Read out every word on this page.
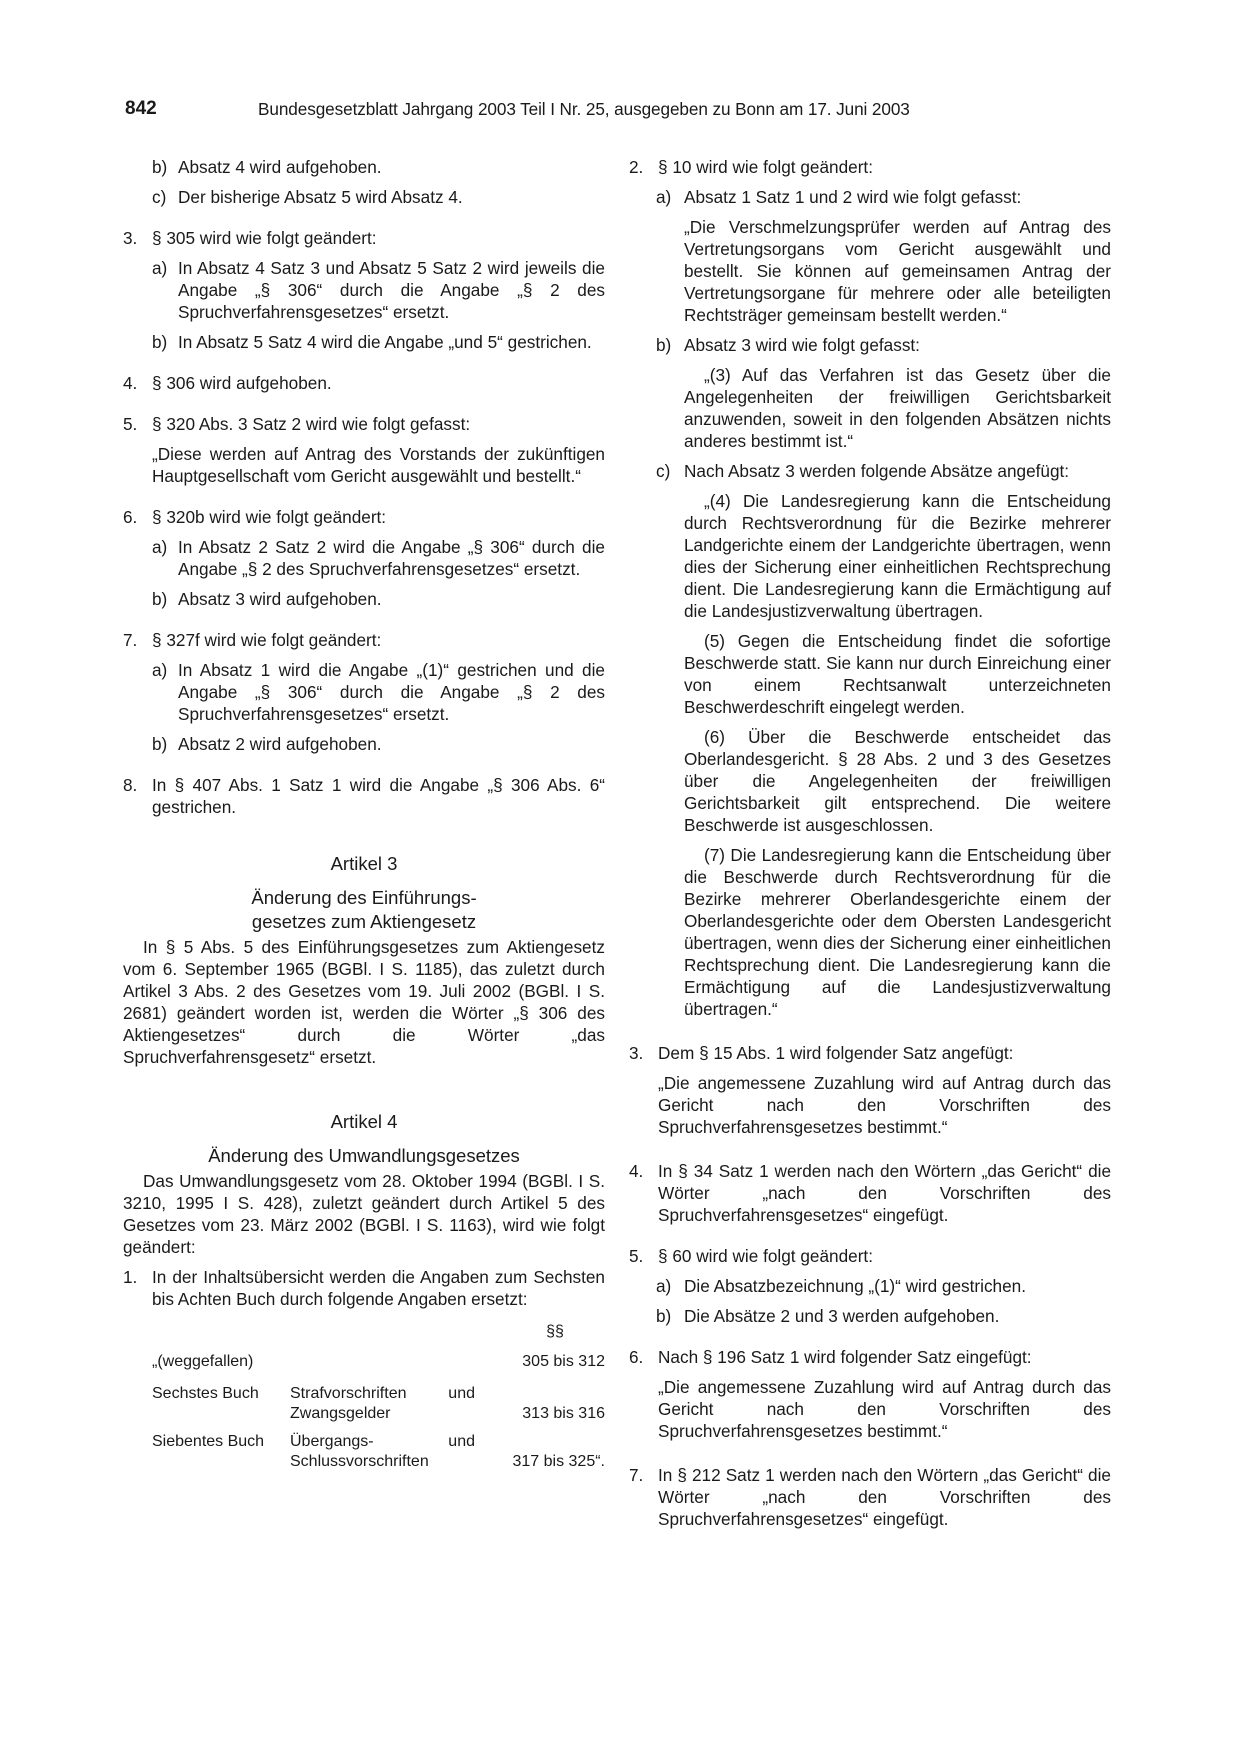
842	Bundesgesetzblatt Jahrgang 2003 Teil I Nr. 25, ausgegeben zu Bonn am 17. Juni 2003
b) Absatz 4 wird aufgehoben.

c) Der bisherige Absatz 5 wird Absatz 4.

3. § 305 wird wie folgt geändert:

a) In Absatz 4 Satz 3 und Absatz 5 Satz 2 wird jeweils die Angabe „§ 306“ durch die Angabe „§ 2 des Spruchverfahrensgesetzes“ ersetzt.

b) In Absatz 5 Satz 4 wird die Angabe „und 5“ gestrichen.

4. § 306 wird aufgehoben.

5. § 320 Abs. 3 Satz 2 wird wie folgt gefasst:

„Diese werden auf Antrag des Vorstands der zukünftigen Hauptgesellschaft vom Gericht ausgewählt und bestellt.“

6. § 320b wird wie folgt geändert:

a) In Absatz 2 Satz 2 wird die Angabe „§ 306“ durch die Angabe „§ 2 des Spruchverfahrensgesetzes“ ersetzt.

b) Absatz 3 wird aufgehoben.

7. § 327f wird wie folgt geändert:

a) In Absatz 1 wird die Angabe „(1)“ gestrichen und die Angabe „§ 306“ durch die Angabe „§ 2 des Spruchverfahrensgesetzes“ ersetzt.

b) Absatz 2 wird aufgehoben.

8. In § 407 Abs. 1 Satz 1 wird die Angabe „§ 306 Abs. 6“ gestrichen.

Artikel 3
Änderung des Einführungs-
gesetzes zum Aktiengesetz

In § 5 Abs. 5 des Einführungsgesetzes zum Aktiengesetz vom 6. September 1965 (BGBl. I S. 1185), das zuletzt durch Artikel 3 Abs. 2 des Gesetzes vom 19. Juli 2002 (BGBl. I S. 2681) geändert worden ist, werden die Wörter „§ 306 des Aktiengesetzes“ durch die Wörter „das Spruchverfahrensgesetz“ ersetzt.

Artikel 4
Änderung des Umwandlungsgesetzes

Das Umwandlungsgesetz vom 28. Oktober 1994 (BGBl. I S. 3210, 1995 I S. 428), zuletzt geändert durch Artikel 5 des Gesetzes vom 23. März 2002 (BGBl. I S. 1163), wird wie folgt geändert:

1. In der Inhaltsübersicht werden die Angaben zum Sechsten bis Achten Buch durch folgende Angaben ersetzt:

		§§
„(weggefallen)		305 bis 312
Sechstes Buch	Strafvorschriften und Zwangsgelder	313 bis 316
Siebentes Buch	Übergangs- und Schlussvorschriften	317 bis 325“.
2. § 10 wird wie folgt geändert:

a) Absatz 1 Satz 1 und 2 wird wie folgt gefasst:

„Die Verschmelzungsprüfer werden auf Antrag des Vertretungsorgans vom Gericht ausgewählt und bestellt. Sie können auf gemeinsamen Antrag der Vertretungsorgane für mehrere oder alle beteiligten Rechtsträger gemeinsam bestellt werden.“

b) Absatz 3 wird wie folgt gefasst:

„(3) Auf das Verfahren ist das Gesetz über die Angelegenheiten der freiwilligen Gerichtsbarkeit anzuwenden, soweit in den folgenden Absätzen nichts anderes bestimmt ist.“

c) Nach Absatz 3 werden folgende Absätze angefügt:

„(4) Die Landesregierung kann die Entscheidung durch Rechtsverordnung für die Bezirke mehrerer Landgerichte einem der Landgerichte übertragen, wenn dies der Sicherung einer einheitlichen Rechtsprechung dient. Die Landesregierung kann die Ermächtigung auf die Landesjustizverwaltung übertragen.

(5) Gegen die Entscheidung findet die sofortige Beschwerde statt. Sie kann nur durch Einreichung einer von einem Rechtsanwalt unterzeichneten Beschwerdeschrift eingelegt werden.

(6) Über die Beschwerde entscheidet das Oberlandesgericht. § 28 Abs. 2 und 3 des Gesetzes über die Angelegenheiten der freiwilligen Gerichtsbarkeit gilt entsprechend. Die weitere Beschwerde ist ausgeschlossen.

(7) Die Landesregierung kann die Entscheidung über die Beschwerde durch Rechtsverordnung für die Bezirke mehrerer Oberlandesgerichte einem der Oberlandesgerichte oder dem Obersten Landesgericht übertragen, wenn dies der Sicherung einer einheitlichen Rechtsprechung dient. Die Landesregierung kann die Ermächtigung auf die Landesjustizverwaltung übertragen.“

3. Dem § 15 Abs. 1 wird folgender Satz angefügt:

„Die angemessene Zuzahlung wird auf Antrag durch das Gericht nach den Vorschriften des Spruchverfahrensgesetzes bestimmt.“

4. In § 34 Satz 1 werden nach den Wörtern „das Gericht“ die Wörter „nach den Vorschriften des Spruchverfahrensgesetzes“ eingefügt.

5. § 60 wird wie folgt geändert:

a) Die Absatzbezeichnung „(1)“ wird gestrichen.

b) Die Absätze 2 und 3 werden aufgehoben.

6. Nach § 196 Satz 1 wird folgender Satz eingefügt:

„Die angemessene Zuzahlung wird auf Antrag durch das Gericht nach den Vorschriften des Spruchverfahrensgesetzes bestimmt.“

7. In § 212 Satz 1 werden nach den Wörtern „das Gericht“ die Wörter „nach den Vorschriften des Spruchverfahrensgesetzes“ eingefügt.
